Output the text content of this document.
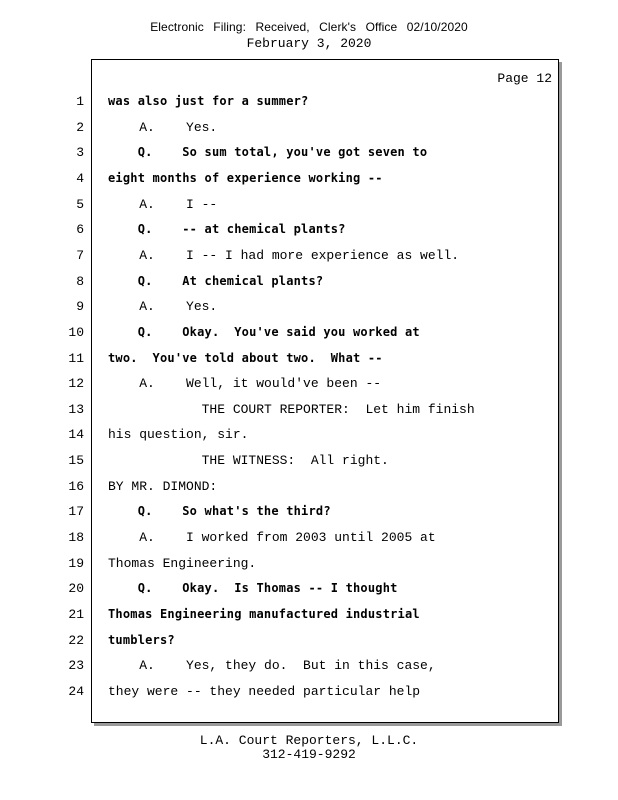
Electronic Filing: Received, Clerk's Office 02/10/2020
February 3, 2020
Page 12
1 was also just for a summer?
2 A.    Yes.
3 Q.    So sum total, you've got seven to
4 eight months of experience working --
5 A.    I --
6 Q.    -- at chemical plants?
7 A.    I -- I had more experience as well.
8 Q.    At chemical plants?
9 A.    Yes.
10 Q.    Okay.  You've said you worked at
11 two.  You've told about two.  What --
12 A.    Well, it would've been --
13 THE COURT REPORTER:  Let him finish
14 his question, sir.
15 THE WITNESS:  All right.
16 BY MR. DIMOND:
17 Q.    So what's the third?
18 A.    I worked from 2003 until 2005 at
19 Thomas Engineering.
20 Q.    Okay.  Is Thomas -- I thought
21 Thomas Engineering manufactured industrial
22 tumblers?
23 A.    Yes, they do.  But in this case,
24 they were -- they needed particular help
L.A. Court Reporters, L.L.C.
312-419-9292
